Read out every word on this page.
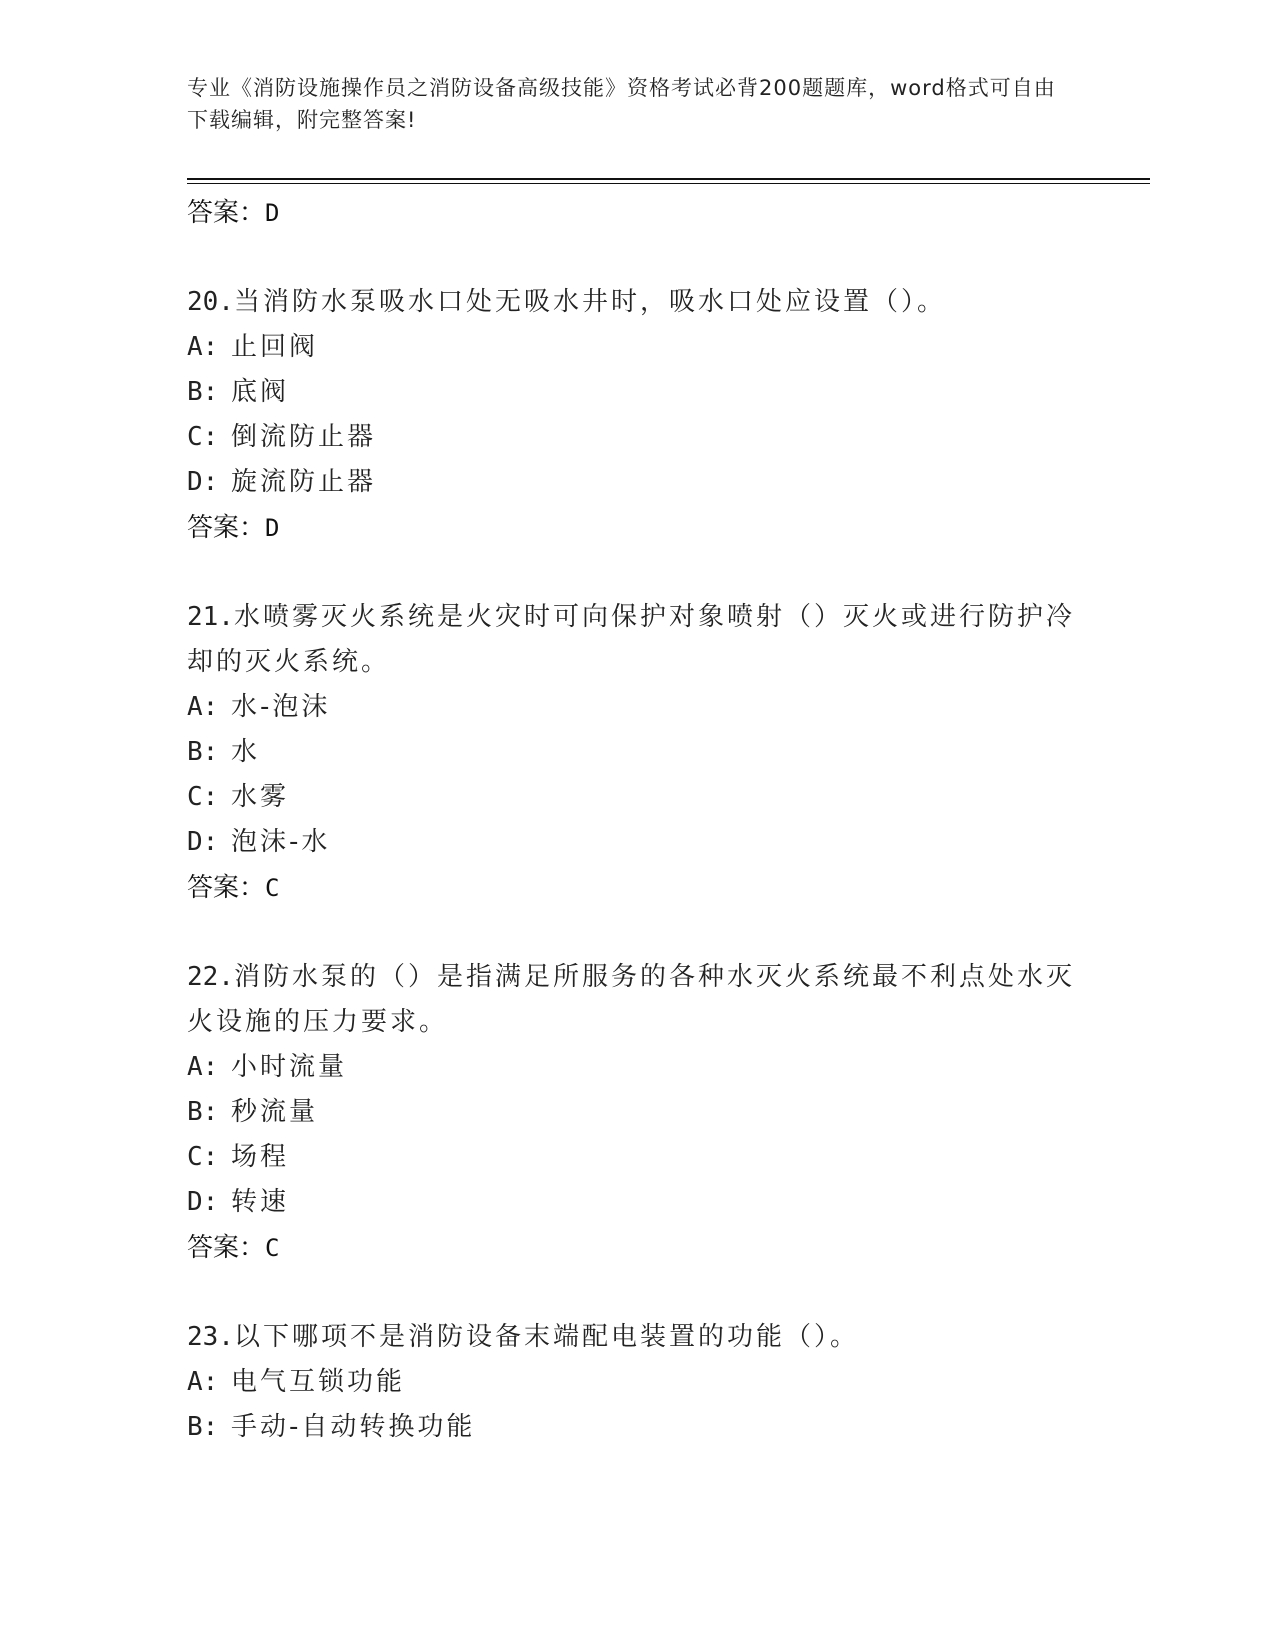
专业《消防设施操作员之消防设备高级技能》资格考试必背200题题库，word格式可自由下载编辑，附完整答案!
答案：D
20.当消防水泵吸水口处无吸水井时，吸水口处应设置（）。
A: 止回阀
B: 底阀
C: 倒流防止器
D: 旋流防止器
答案：D
21.水喷雾灭火系统是火灾时可向保护对象喷射（）灭火或进行防护冷却的灭火系统。
A: 水-泡沫
B: 水
C: 水雾
D: 泡沫-水
答案：C
22.消防水泵的（）是指满足所服务的各种水灭火系统最不利点处水灭火设施的压力要求。
A: 小时流量
B: 秒流量
C: 场程
D: 转速
答案：C
23.以下哪项不是消防设备末端配电装置的功能（）。
A: 电气互锁功能
B: 手动-自动转换功能
